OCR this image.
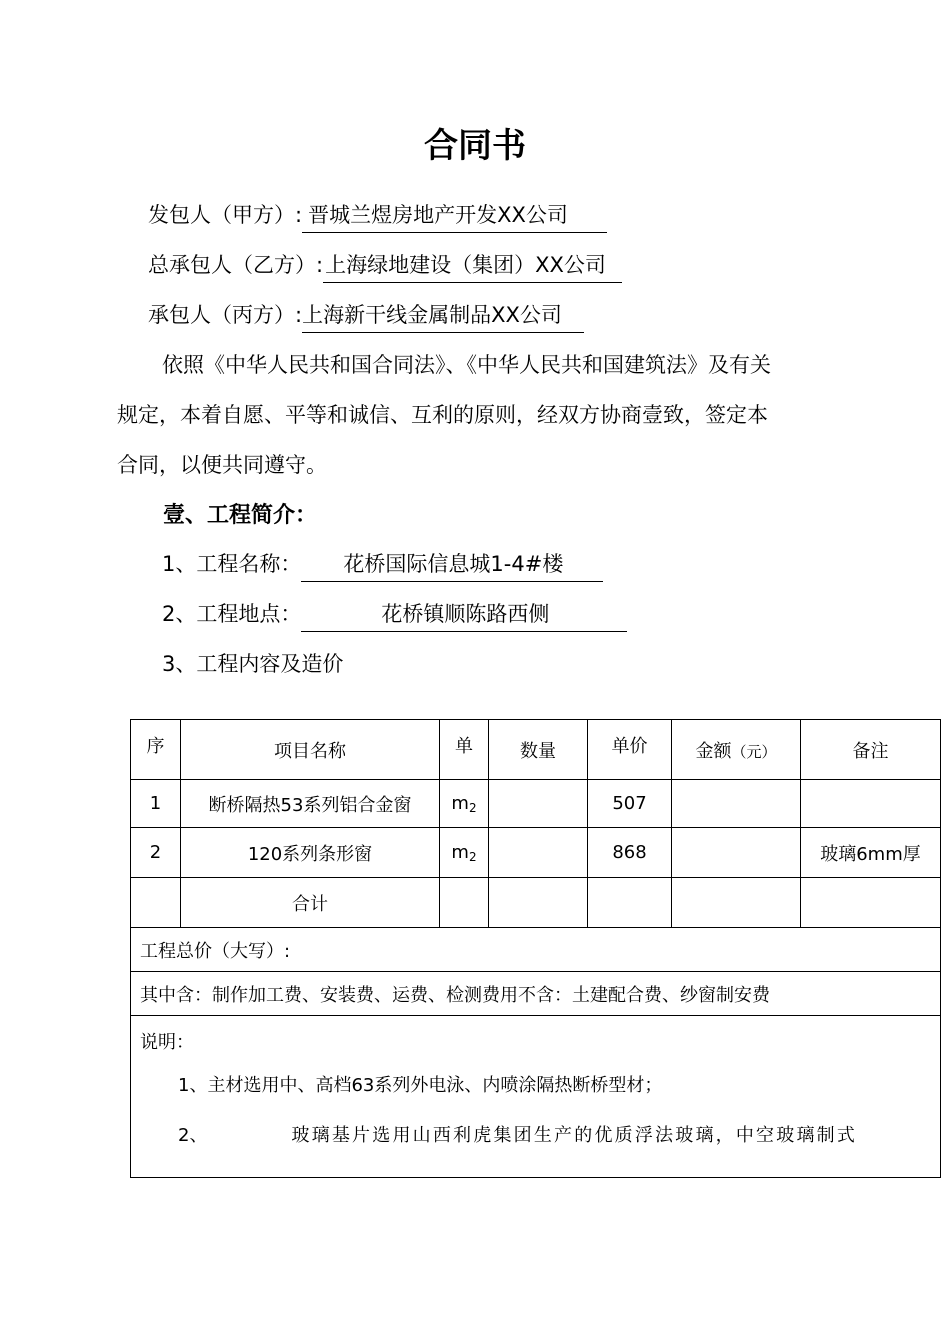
合同书
发包人（甲方）: 晋城兰煜房地产开发XX公司
总承包人（乙方）:上海绿地建设（集团）XX公司
承包人（丙方）:上海新干线金属制品XX公司
依照《中华人民共和国合同法》、《中华人民共和国建筑法》及有关
规定，本着自愿、平等和诚信、互利的原则，经双方协商壹致，签定本
合同，以便共同遵守。
壹、工程简介：
1、工程名称： 花桥国际信息城1-4#楼
2、工程地点：	花桥镇顺陈路西侧
3、工程内容及造价
序	项目名称	单	数量	单价	金额（元）	备注
1	断桥隔热53系列铝合金窗	$m_2$		507		
2	120系列条形窗	$m_2$		868		玻璃6mm厚
	合计					
工程总价（大写）:						
其中含：制作加工费、安装费、运费、检测费用不含：土建配合费、纱窗制安费						

说明：
1、主材选用中、高档63系列外电泳、内喷涂隔热断桥型材；
2、 玻璃基片选用山西利虎集团生产的优质浮法玻璃，中空玻璃制式						
